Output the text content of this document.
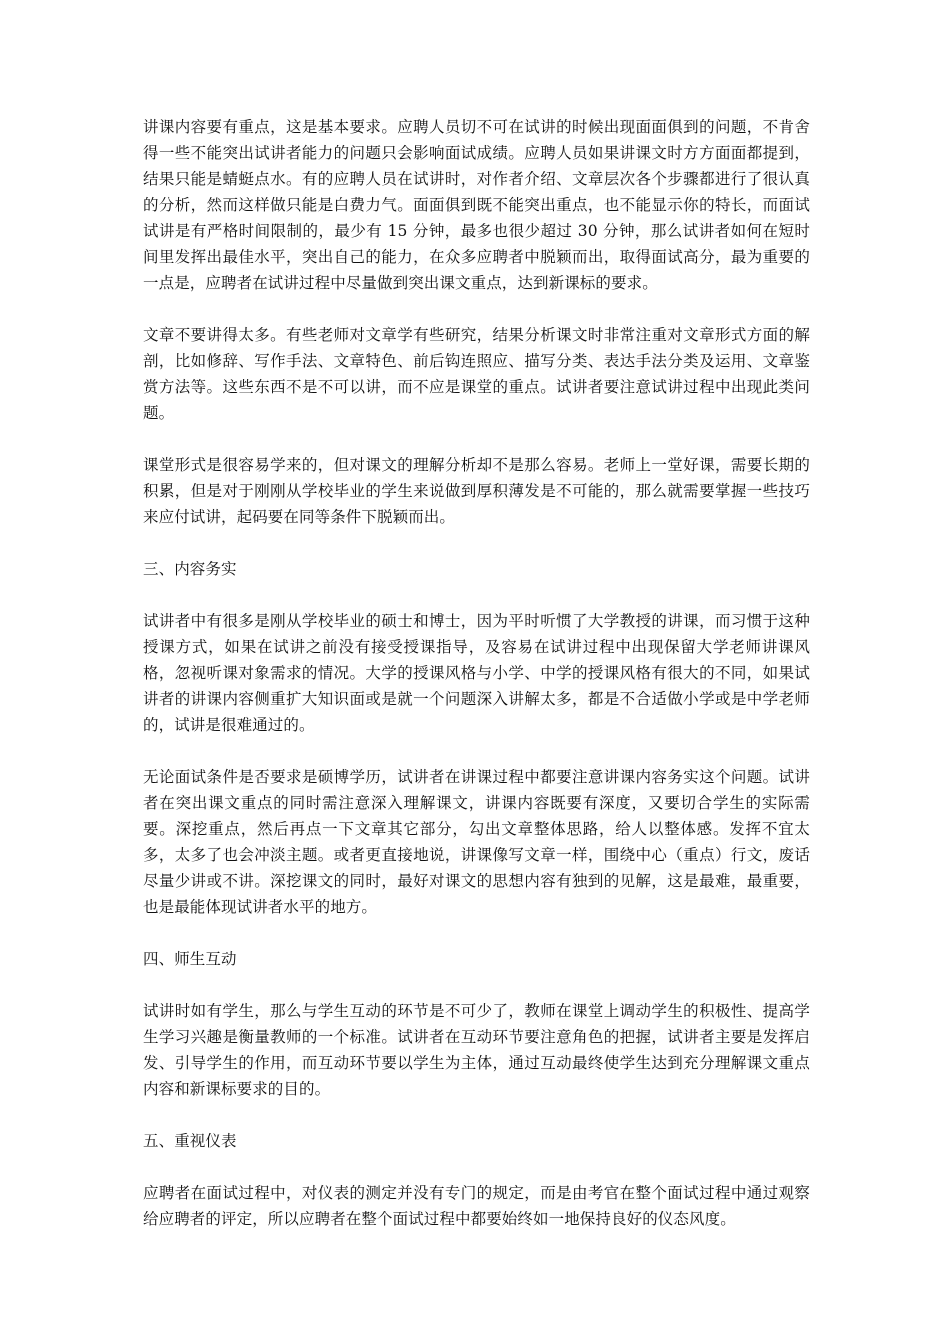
讲课内容要有重点，这是基本要求。应聘人员切不可在试讲的时候出现面面俱到的问题，不肯舍得一些不能突出试讲者能力的问题只会影响面试成绩。应聘人员如果讲课文时方方面面都提到，结果只能是蜻蜓点水。有的应聘人员在试讲时，对作者介绍、文章层次各个步骤都进行了很认真的分析，然而这样做只能是白费力气。面面俱到既不能突出重点，也不能显示你的特长，而面试试讲是有严格时间限制的，最少有 15 分钟，最多也很少超过 30 分钟，那么试讲者如何在短时间里发挥出最佳水平，突出自己的能力，在众多应聘者中脱颖而出，取得面试高分，最为重要的一点是，应聘者在试讲过程中尽量做到突出课文重点，达到新课标的要求。

文章不要讲得太多。有些老师对文章学有些研究，结果分析课文时非常注重对文章形式方面的解剖，比如修辞、写作手法、文章特色、前后钩连照应、描写分类、表达手法分类及运用、文章鉴赏方法等。这些东西不是不可以讲，而不应是课堂的重点。试讲者要注意试讲过程中出现此类问题。

课堂形式是很容易学来的，但对课文的理解分析却不是那么容易。老师上一堂好课，需要长期的积累，但是对于刚刚从学校毕业的学生来说做到厚积薄发是不可能的，那么就需要掌握一些技巧来应付试讲，起码要在同等条件下脱颖而出。

三、内容务实

试讲者中有很多是刚从学校毕业的硕士和博士，因为平时听惯了大学教授的讲课，而习惯于这种授课方式，如果在试讲之前没有接受授课指导，及容易在试讲过程中出现保留大学老师讲课风格，忽视听课对象需求的情况。大学的授课风格与小学、中学的授课风格有很大的不同，如果试讲者的讲课内容侧重扩大知识面或是就一个问题深入讲解太多，都是不合适做小学或是中学老师的，试讲是很难通过的。

无论面试条件是否要求是硕博学历，试讲者在讲课过程中都要注意讲课内容务实这个问题。试讲者在突出课文重点的同时需注意深入理解课文，讲课内容既要有深度，又要切合学生的实际需要。深挖重点，然后再点一下文章其它部分，勾出文章整体思路，给人以整体感。发挥不宜太多，太多了也会冲淡主题。或者更直接地说，讲课像写文章一样，围绕中心（重点）行文，废话尽量少讲或不讲。深挖课文的同时，最好对课文的思想内容有独到的见解，这是最难，最重要，也是最能体现试讲者水平的地方。

四、师生互动

试讲时如有学生，那么与学生互动的环节是不可少了，教师在课堂上调动学生的积极性、提高学生学习兴趣是衡量教师的一个标准。试讲者在互动环节要注意角色的把握，试讲者主要是发挥启发、引导学生的作用，而互动环节要以学生为主体，通过互动最终使学生达到充分理解课文重点内容和新课标要求的目的。

五、重视仪表

应聘者在面试过程中，对仪表的测定并没有专门的规定，而是由考官在整个面试过程中通过观察给应聘者的评定，所以应聘者在整个面试过程中都要始终如一地保持良好的仪态风度。
